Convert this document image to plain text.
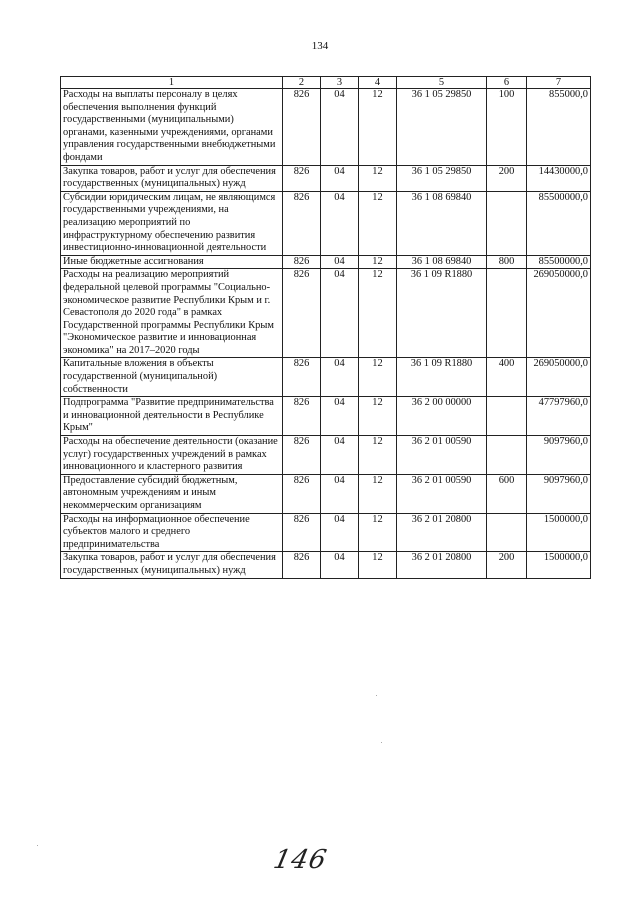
134
1	2	3	4	5	6	7
Расходы на выплаты персоналу в целях обеспечения выполнения функций государственными (муниципальными) органами, казенными учреждениями, органами управления государственными внебюджетными фондами	826	04	12	36 1 05 29850	100	855000,0
Закупка товаров, работ и услуг для обеспечения государственных (муниципальных) нужд	826	04	12	36 1 05 29850	200	14430000,0
Субсидии юридическим лицам, не являющимся государственными учреждениями, на реализацию мероприятий по инфраструктурному обеспечению развития инвестиционно-инновационной деятельности	826	04	12	36 1 08 69840		85500000,0
Иные бюджетные ассигнования	826	04	12	36 1 08 69840	800	85500000,0
Расходы на реализацию мероприятий федеральной целевой программы "Социально-экономическое развитие Республики Крым и г. Севастополя до 2020 года" в рамках Государственной программы Республики Крым "Экономическое развитие и инновационная экономика" на 2017–2020 годы	826	04	12	36 1 09 R1880		269050000,0
Капитальные вложения в объекты государственной (муниципальной) собственности	826	04	12	36 1 09 R1880	400	269050000,0
Подпрограмма "Развитие предпринимательства и инновационной деятельности в Республике Крым"	826	04	12	36 2 00 00000		47797960,0
Расходы на обеспечение деятельности (оказание услуг) государственных учреждений в рамках инновационного и кластерного развития	826	04	12	36 2 01 00590		9097960,0
Предоставление субсидий бюджетным, автономным учреждениям и иным некоммерческим организациям	826	04	12	36 2 01 00590	600	9097960,0
Расходы на информационное обеспечение субъектов малого и среднего предпринимательства	826	04	12	36 2 01 20800		1500000,0
Закупка товаров, работ и услуг для обеспечения государственных (муниципальных) нужд	826	04	12	36 2 01 20800	200	1500000,0
146
